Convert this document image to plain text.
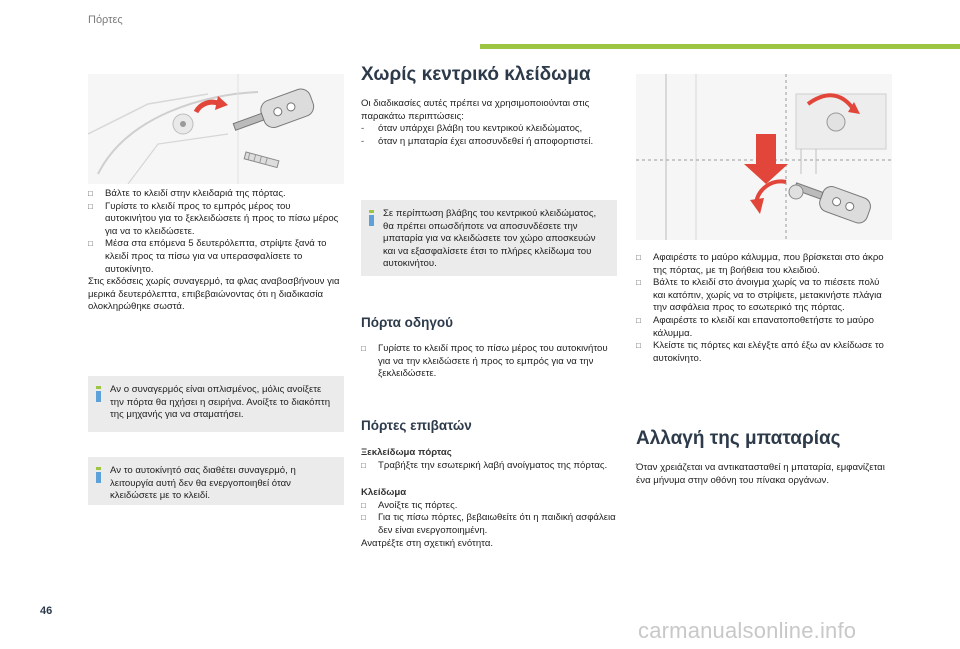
Πόρτες
□ Βάλτε το κλειδί στην κλειδαριά της πόρτας.
□ Γυρίστε το κλειδί προς το εμπρός μέρος του αυτοκινήτου για το ξεκλειδώσετε ή προς το πίσω μέρος για να το κλειδώσετε.
□ Μέσα στα επόμενα 5 δευτερόλεπτα, στρίψτε ξανά το κλειδί προς τα πίσω για να υπερασφαλίσετε το αυτοκίνητο.

Στις εκδόσεις χωρίς συναγερμό, τα φλας αναβοσβήνουν για μερικά δευτερόλεπτα, επιβεβαιώνοντας ότι η διαδικασία ολοκληρώθηκε σωστά.

Αν ο συναγερμός είναι οπλισμένος, μόλις ανοίξετε την πόρτα θα ηχήσει η σειρήνα. Ανοίξτε το διακόπτη της μηχανής για να σταματήσει.
Αν το αυτοκίνητό σας διαθέτει συναγερμό, η λειτουργία αυτή δεν θα ενεργοποιηθεί όταν κλειδώσετε με το κλειδί.
Χωρίς κεντρικό κλείδωμα

Οι διαδικασίες αυτές πρέπει να χρησιμοποιούνται στις παρακάτω περιπτώσεις:

- όταν υπάρχει βλάβη του κεντρικού κλειδώματος,
- όταν η μπαταρία έχει αποσυνδεθεί ή αποφορτιστεί.
Σε περίπτωση βλάβης του κεντρικού κλειδώματος, θα πρέπει οπωσδήποτε να αποσυνδέσετε την μπαταρία για να κλειδώσετε τον χώρο αποσκευών και να εξασφαλίσετε έτσι το πλήρες κλείδωμα του αυτοκινήτου.
Πόρτα οδηγού
□ Γυρίστε το κλειδί προς το πίσω μέρος του αυτοκινήτου για να την κλειδώσετε ή προς το εμπρός για να την ξεκλειδώσετε.
Πόρτες επιβατών
Ξεκλείδωμα πόρτας
□ Τραβήξτε την εσωτερική λαβή ανοίγματος της πόρτας.
Κλείδωμα
□ Ανοίξτε τις πόρτες.
□ Για τις πίσω πόρτες, βεβαιωθείτε ότι η παιδική ασφάλεια δεν είναι ενεργοποιημένη.

Ανατρέξτε στη σχετική ενότητα.

□ Αφαιρέστε το μαύρο κάλυμμα, που βρίσκεται στο άκρο της πόρτας, με τη βοήθεια του κλειδιού.
□ Βάλτε το κλειδί στο άνοιγμα χωρίς να το πιέσετε πολύ και κατόπιν, χωρίς να το στρίψετε, μετακινήστε πλάγια την ασφάλεια προς το εσωτερικό της πόρτας.
□ Αφαιρέστε το κλειδί και επανατοποθετήστε το μαύρο κάλυμμα.
□ Κλείστε τις πόρτες και ελέγξτε από έξω αν κλείδωσε το αυτοκίνητο.
Αλλαγή της μπαταρίας

Όταν χρειάζεται να αντικατασταθεί η μπαταρία, εμφανίζεται ένα μήνυμα στην οθόνη του πίνακα οργάνων.

46
carmanualsonline.info
